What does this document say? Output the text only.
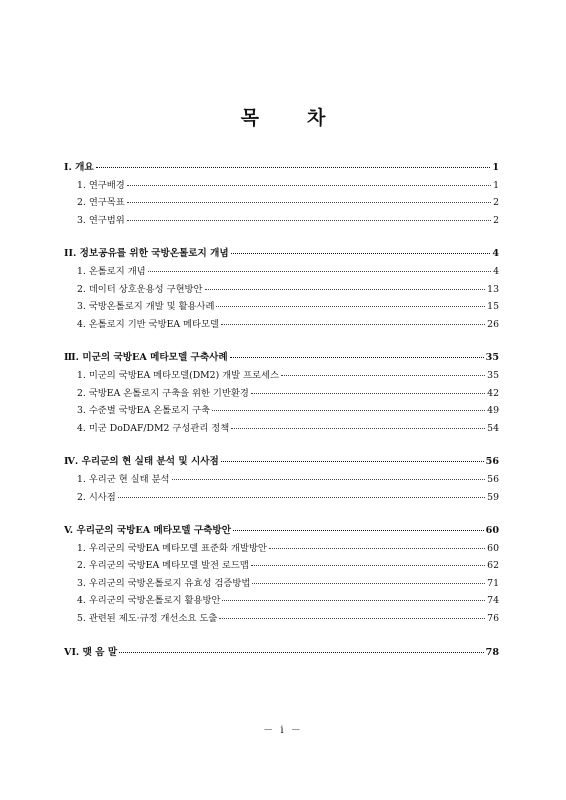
목	차
I. 개요	1
1. 연구배경	1
2. 연구목표	2
3. 연구범위	2
II. 정보공유를 위한 국방온톨로지 개념	4
1. 온톨로지 개념	4
2. 데이터 상호운용성 구현방안	13
3. 국방온톨로지 개발 및 활용사례	15
4. 온톨로지 기반 국방EA 메타모델	26
Ⅲ. 미군의 국방EA 메타모델 구축사례	35
1. 미군의 국방EA 메타모델(DM2) 개발 프로세스	35
2. 국방EA 온톨로지 구축을 위한 기반환경	42
3. 수준별 국방EA 온톨로지 구축	49
4. 미군 DoDAF/DM2 구성관리 정책	54
Ⅳ. 우리군의 현 실태 분석 및 시사점	56
1. 우리군 현 실태 분석	56
2. 시사점	59
V. 우리군의 국방EA 메타모델 구축방안	60
1. 우리군의 국방EA 메타모델 표준화 개발방안	60
2. 우리군의 국방EA 메타모델 발전 로드맵	62
3. 우리군의 국방온톨로지 유효성 검증방법	71
4. 우리군의 국방온톨로지 활용방안	74
5. 관련된 제도·규정 개선소요 도출	76
VI. 맺 음 말	78
－ i －
